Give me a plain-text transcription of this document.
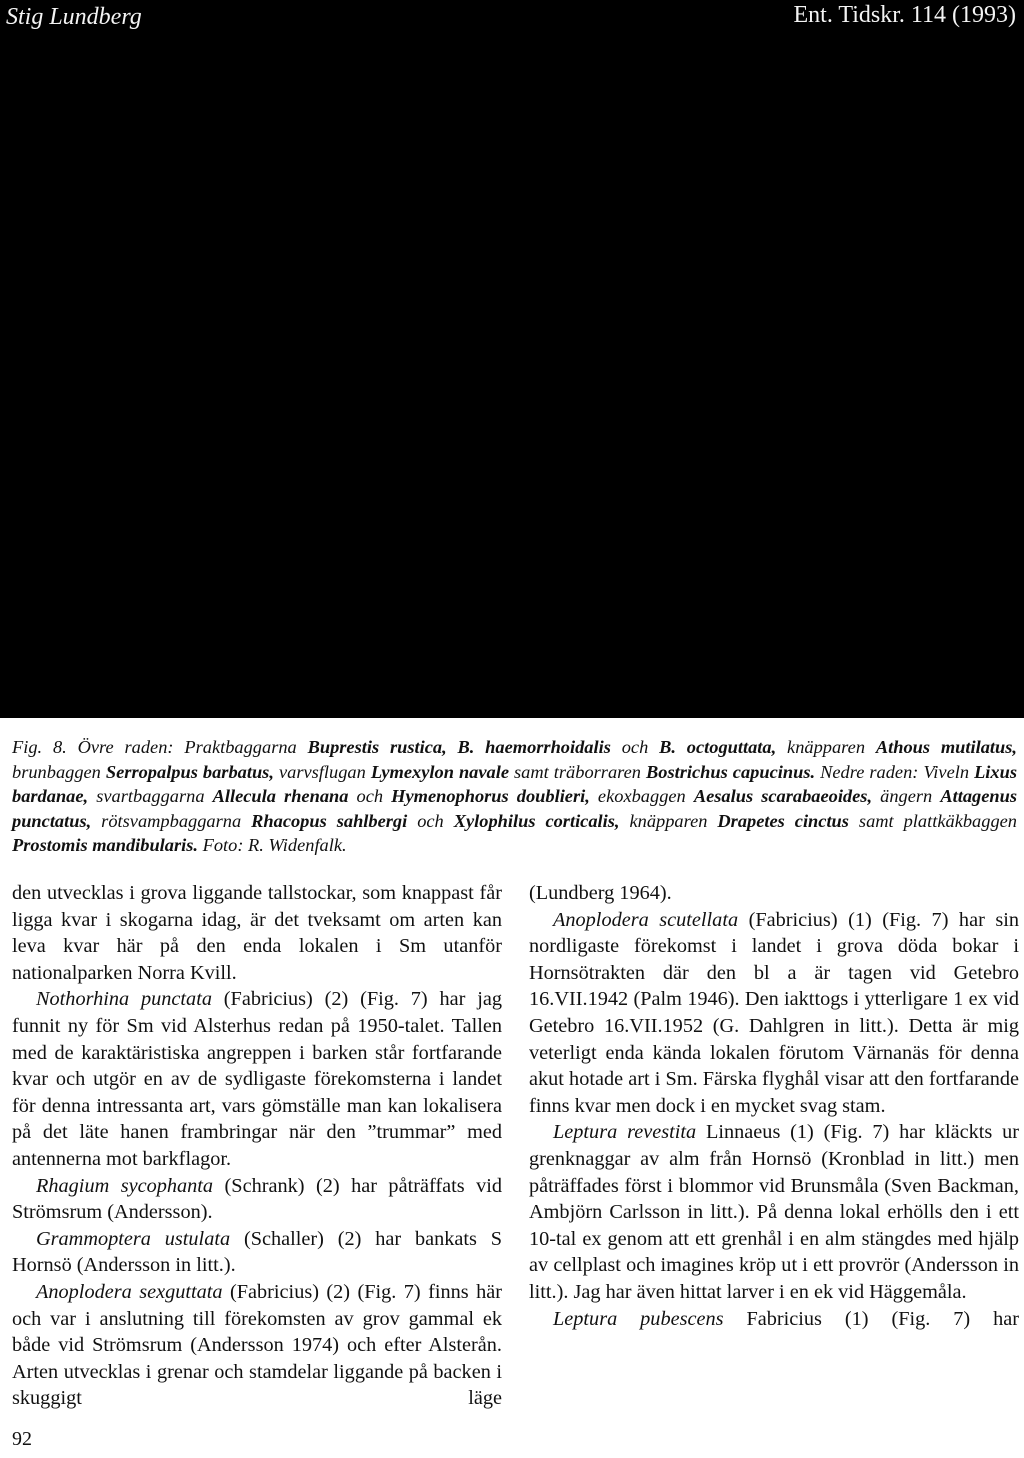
Stig Lundberg	Ent. Tidskr. 114 (1993)
Fig. 8. Övre raden: Praktbaggarna Buprestis rustica, B. haemorrhoidalis och B. octoguttata, knäpparen Athous mutilatus, brunbaggen Serropalpus barbatus, varvsflugan Lymexylon navale samt träborraren Bostrichus capucinus. Nedre raden: Viveln Lixus bardanae, svartbaggarna Allecula rhenana och Hymenophorus doublieri, ekoxbaggen Aesalus scarabaeoides, ängern Attagenus punctatus, rötsvampbaggarna Rhacopus sahlbergi och Xylophilus corticalis, knäpparen Drapetes cinctus samt plattkäkbaggen Prostomis mandibularis. Foto: R. Widenfalk.

den utvecklas i grova liggande tallstockar, som knappast får ligga kvar i skogarna idag, är det tveksamt om arten kan leva kvar här på den enda lokalen i Sm utanför nationalparken Norra Kvill.

Nothorhina punctata (Fabricius) (2) (Fig. 7) har jag funnit ny för Sm vid Alsterhus redan på 1950-talet. Tallen med de karaktäristiska angreppen i barken står fortfarande kvar och utgör en av de sydligaste förekomsterna i landet för denna intressanta art, vars gömställe man kan lokalisera på det läte hanen frambringar när den ”trummar” med antennerna mot barkflagor.

Rhagium sycophanta (Schrank) (2) har påträffats vid Strömsrum (Andersson).

Grammoptera ustulata (Schaller) (2) har bankats S Hornsö (Andersson in litt.).

Anoplodera sexguttata (Fabricius) (2) (Fig. 7) finns här och var i anslutning till förekomsten av grov gammal ek både vid Strömsrum (Andersson 1974) och efter Alsterån. Arten utvecklas i grenar och stamdelar liggande på backen i skuggigt läge

(Lundberg 1964).

Anoplodera scutellata (Fabricius) (1) (Fig. 7) har sin nordligaste förekomst i landet i grova döda bokar i Hornsötrakten där den bl a är tagen vid Getebro 16.VII.1942 (Palm 1946). Den iakttogs i ytterligare 1 ex vid Getebro 16.VII.1952 (G. Dahlgren in litt.). Detta är mig veterligt enda kända lokalen förutom Värnanäs för denna akut hotade art i Sm. Färska flyghål visar att den fortfarande finns kvar men dock i en mycket svag stam.

Leptura revestita Linnaeus (1) (Fig. 7) har kläckts ur grenknaggar av alm från Hornsö (Kronblad in litt.) men påträffades först i blommor vid Brunsmåla (Sven Backman, Ambjörn Carlsson in litt.). På denna lokal erhölls den i ett 10-tal ex genom att ett grenhål i en alm stängdes med hjälp av cellplast och imagines kröp ut i ett provrör (Andersson in litt.). Jag har även hittat larver i en ek vid Häggemåla.

Leptura pubescens Fabricius (1) (Fig. 7) har

92
